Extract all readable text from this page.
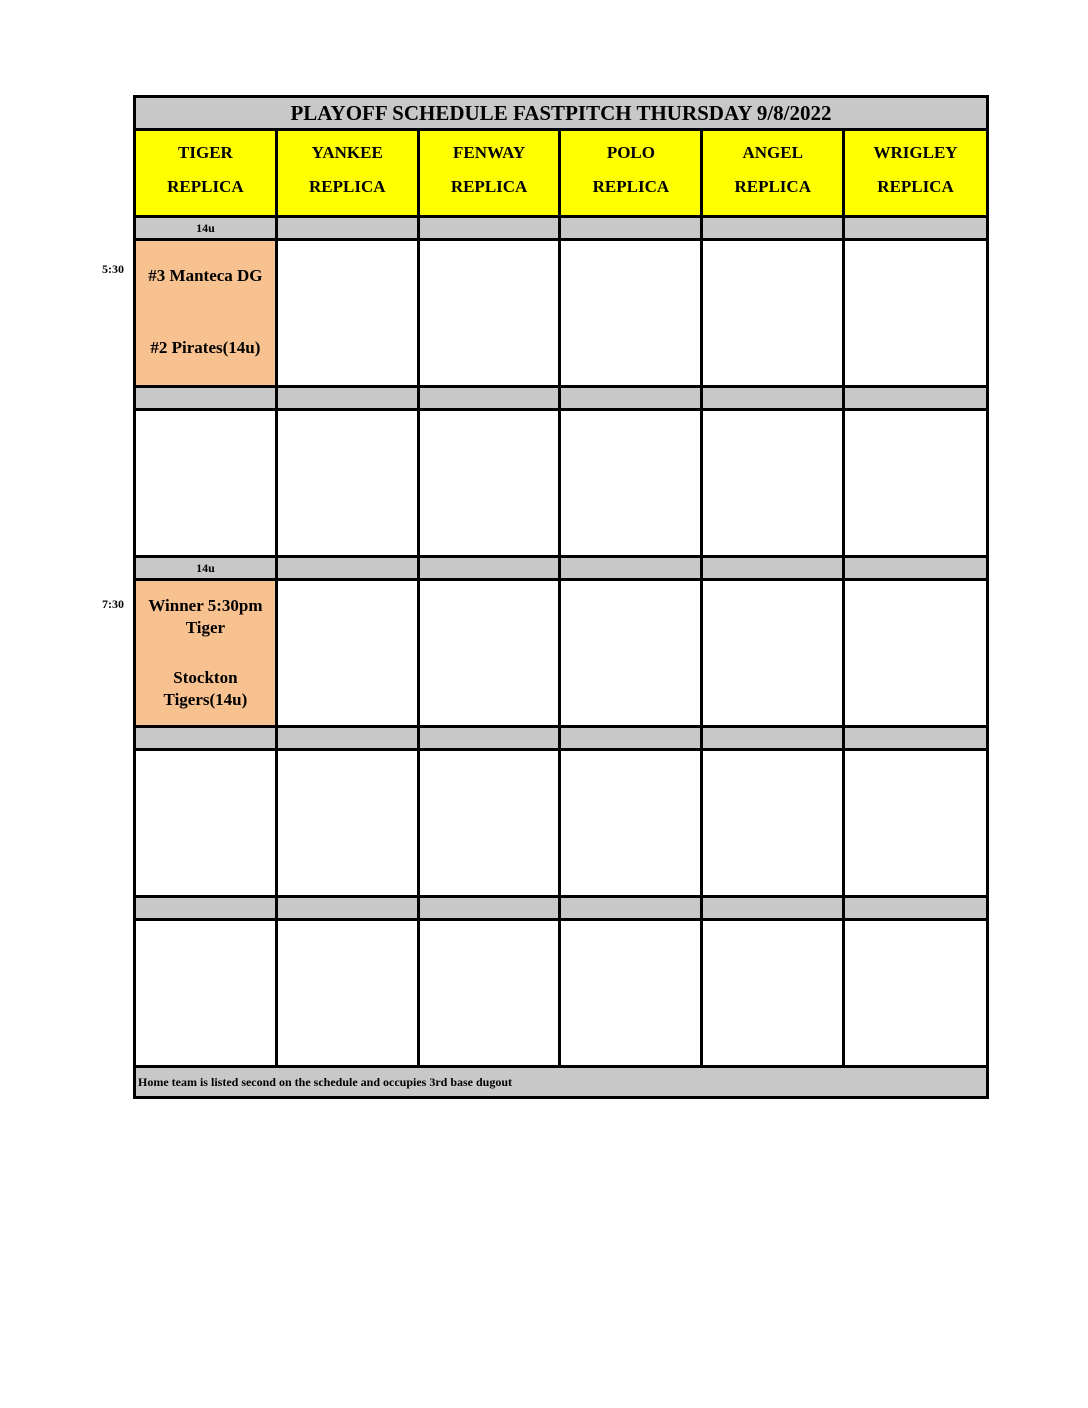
5:30
7:30
PLAYOFF SCHEDULE FASTPITCH THURSDAY 9/8/2022
TIGER
REPLICA
YANKEE
REPLICA
FENWAY
REPLICA
POLO
REPLICA
ANGEL
REPLICA
WRIGLEY
REPLICA
14u
#3 Manteca DG
#2 Pirates(14u)
14u
Winner 5:30pm Tiger
Stockton Tigers(14u)
Home team is listed second on the schedule and occupies 3rd base dugout
